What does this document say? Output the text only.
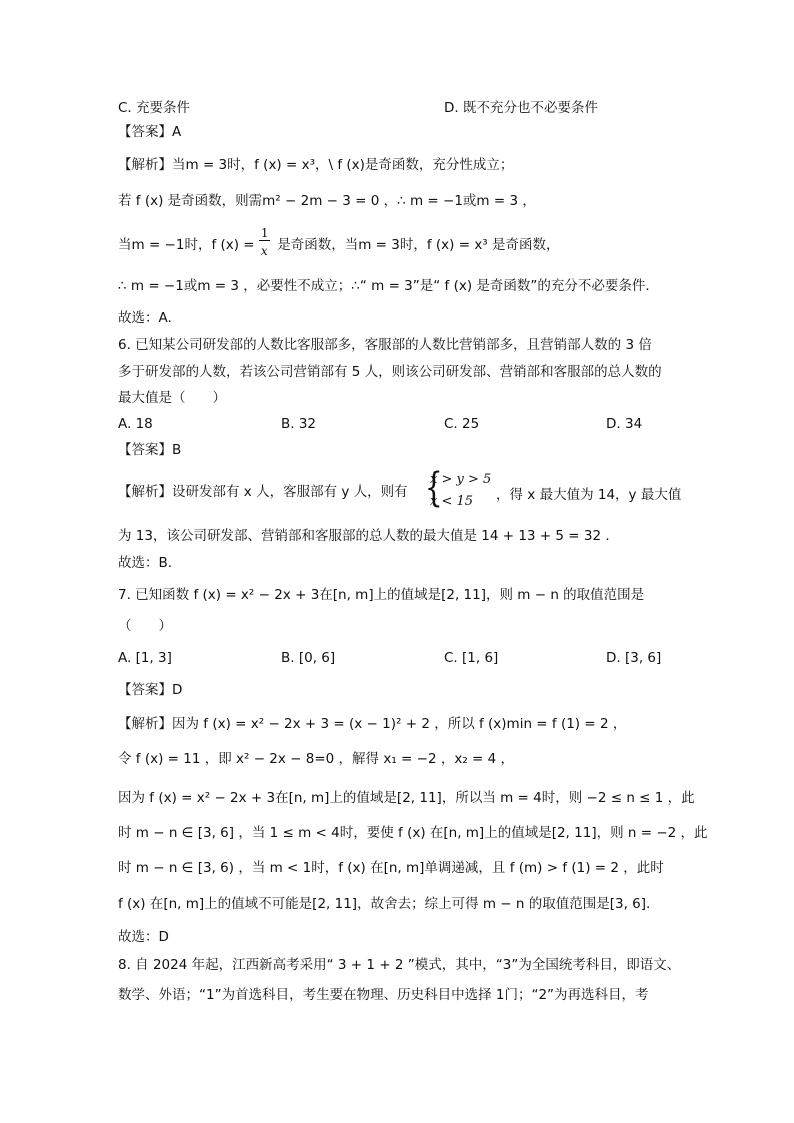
C. 充要条件	D. 既不充分也不必要条件
【答案】A
【解析】当m = 3时，f (x) = x³，\ f (x)是奇函数，充分性成立；
若 f (x) 是奇函数，则需m² − 2m − 3 = 0 ，∴ m = −1或m = 3 ，
当m = −1时，f $(x) = \frac{1}{x}$ 是奇函数，当m = 3时，f (x) = x³ 是奇函数，
∴ m = −1或m = 3 ，必要性不成立；∴“ m = 3”是“ f (x) 是奇函数”的充分不必要条件.
故选：A.
6. 已知某公司研发部的人数比客服部多，客服部的人数比营销部多，且营销部人数的 3 倍
多于研发部的人数，若该公司营销部有 5 人，则该公司研发部、营销部和客服部的总人数的
最大值是（　　）
A. 18	B. 32	C. 25	D. 34
【答案】B
【解析】设研发部有 x 人，客服部有 y 人，则有 {
x > y > 5
x < 15 ，得 x 最大值为 14，y 最大值
为 13，该公司研发部、营销部和客服部的总人数的最大值是 14 + 13 + 5 = 32 .
故选：B.
7. 已知函数 f (x) = x² − 2x + 3在[n, m]上的值域是[2, 11]，则 m − n 的取值范围是
（　　）
A. [1, 3]	B. [0, 6]	C. [1, 6]	D. [3, 6]
【答案】D
【解析】因为 f (x) = x² − 2x + 3 = (x − 1)² + 2 ，所以 f (x)min = f (1) = 2 ，
令 f (x) = 11 ，即 x² − 2x − 8=0 ，解得 x₁ = −2 ，x₂ = 4 ，
因为 f (x) = x² − 2x + 3在[n, m]上的值域是[2, 11]，所以当 m = 4时，则 −2 ≤ n ≤ 1 ，此
时 m − n ∈ [3, 6] ，当 1 ≤ m < 4时，要使 f (x) 在[n, m]上的值域是[2, 11]，则 n = −2 ，此
时 m − n ∈ [3, 6) ，当 m < 1时，f (x) 在[n, m]单调递减，且 f (m) > f (1) = 2 ，此时
f (x) 在[n, m]上的值域不可能是[2, 11]，故舍去；综上可得 m − n 的取值范围是[3, 6].
故选：D
8. 自 2024 年起，江西新高考采用“ 3 + 1 + 2 ”模式，其中，“3”为全国统考科目，即语文、
数学、外语；“1”为首选科目，考生要在物理、历史科目中选择 1门；“2”为再选科目，考
